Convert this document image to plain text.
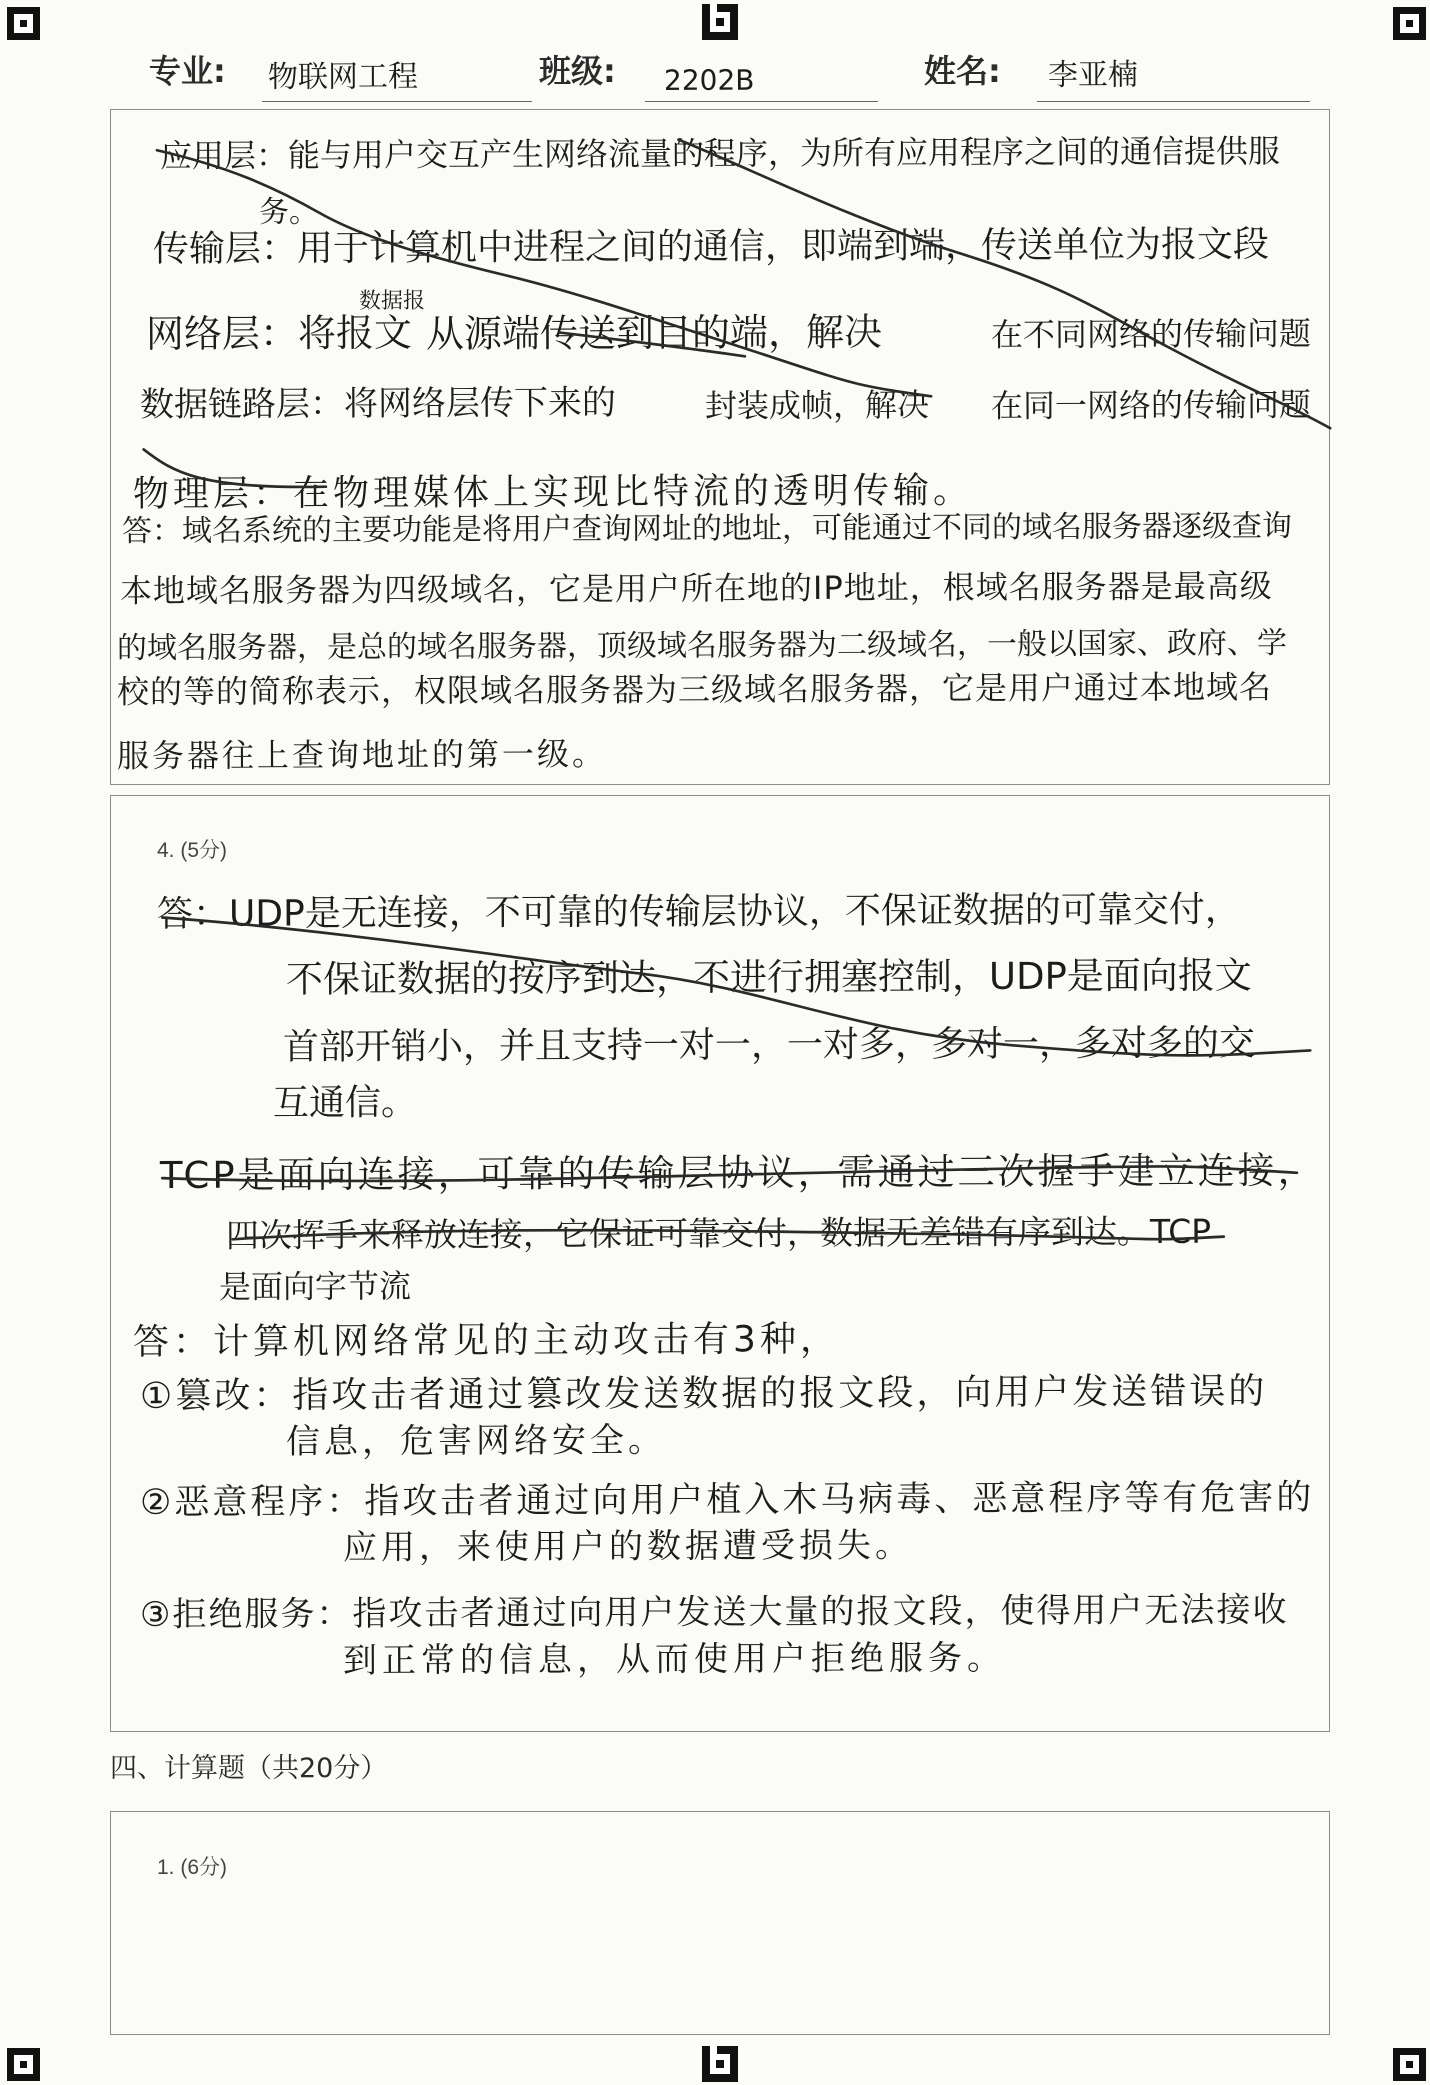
专业: 物联网工程	班级: 2202B	姓名: 李亚楠
应用层：能与用户交互产生网络流量的程序，为所有应用程序之间的通信提供服
务。
传输层：用于计算机中进程之间的通信，即端到端，传送单位为报文段
数据报
网络层：将报文 从源端传送到目的端，解决	在不同网络的传输问题
数据链路层：将网络层传下来的	封装成帧，解决 在同一网络的传输问题
物理层：在物理媒体上实现比特流的透明传输。
答：域名系统的主要功能是将用户查询网址的地址，可能通过不同的域名服务器逐级查询
本地域名服务器为四级域名，它是用户所在地的IP地址，根域名服务器是最高级
的域名服务器，是总的域名服务器，顶级域名服务器为二级域名，一般以国家、政府、学
校的等的简称表示，权限域名服务器为三级域名服务器，它是用户通过本地域名
服务器往上查询地址的第一级。
4. (5分)
答：UDP是无连接，不可靠的传输层协议，不保证数据的可靠交付，
不保证数据的按序到达，不进行拥塞控制，UDP是面向报文
首部开销小，并且支持一对一，一对多，多对一，多对多的交
互通信。
TCP是面向连接，可靠的传输层协议，需通过三次握手建立连接，
四次挥手来释放连接，它保证可靠交付，数据无差错有序到达。TCP
是面向字节流
答：计算机网络常见的主动攻击有3种，
①篡改：指攻击者通过篡改发送数据的报文段，向用户发送错误的
信息，危害网络安全。
②恶意程序：指攻击者通过向用户植入木马病毒、恶意程序等有危害的
应用，来使用户的数据遭受损失。
③拒绝服务：指攻击者通过向用户发送大量的报文段，使得用户无法接收
到正常的信息，从而使用户拒绝服务。
四、计算题（共20分）
1. (6分)
